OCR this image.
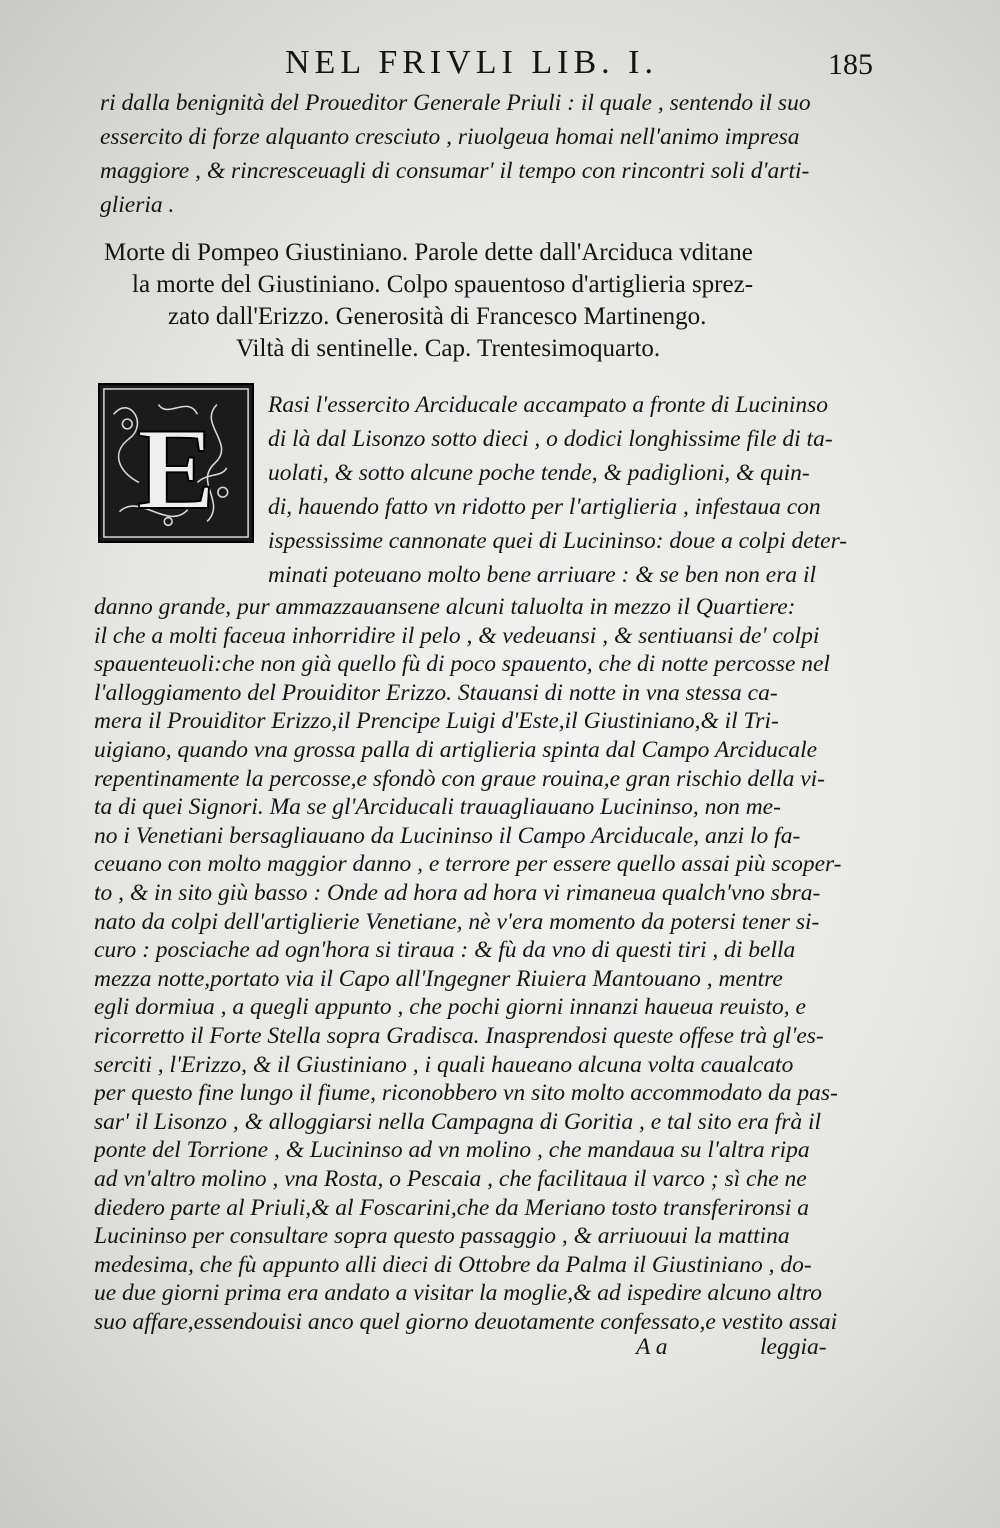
NEL FRIVLI LIB. I.	185
ri dalla benignità del Proueditor Generale Priuli : il quale , sentendo il suo
essercito di forze alquanto cresciuto , riuolgeua homai nell'animo impresa
maggiore , & rincresceuagli di consumar' il tempo con rincontri soli d'arti-
glieria .
Morte di Pompeo Giustiniano. Parole dette dall'Arciduca vditane
la morte del Giustiniano. Colpo spauentoso d'artiglieria sprez-
zato dall'Erizzo. Generosità di Francesco Martinengo.
Viltà di sentinelle. Cap. Trentesimoquarto.
E Rasi l'essercito Arciducale accampato a fronte di Lucininso
di là dal Lisonzo sotto dieci , o dodici longhissime file di ta-
uolati, & sotto alcune poche tende, & padiglioni, & quin-
di, hauendo fatto vn ridotto per l'artiglieria , infestaua con
ispessissime cannonate quei di Lucininso: doue a colpi deter-
minati poteuano molto bene arriuare : & se ben non era il
danno grande, pur ammazzauansene alcuni taluolta in mezzo il Quartiere:
il che a molti faceua inhorridire il pelo , & vedeuansi , & sentiuansi de' colpi
spauenteuoli:che non già quello fù di poco spauento, che di notte percosse nel
l'alloggiamento del Prouiditor Erizzo. Stauansi di notte in vna stessa ca-
mera il Prouiditor Erizzo,il Prencipe Luigi d'Este,il Giustiniano,& il Tri-
uigiano, quando vna grossa palla di artiglieria spinta dal Campo Arciducale
repentinamente la percosse,e sfondò con graue rouina,e gran rischio della vi-
ta di quei Signori. Ma se gl'Arciducali trauagliauano Lucininso, non me-
no i Venetiani bersagliauano da Lucininso il Campo Arciducale, anzi lo fa-
ceuano con molto maggior danno , e terrore per essere quello assai più scoper-
to , & in sito giù basso : Onde ad hora ad hora vi rimaneua qualch'vno sbra-
nato da colpi dell'artiglierie Venetiane, nè v'era momento da potersi tener si-
curo : posciache ad ogn'hora si tiraua : & fù da vno di questi tiri , di bella
mezza notte,portato via il Capo all'Ingegner Riuiera Mantouano , mentre
egli dormiua , a quegli appunto , che pochi giorni innanzi haueua reuisto, e
ricorretto il Forte Stella sopra Gradisca. Inasprendosi queste offese trà gl'es-
serciti , l'Erizzo, & il Giustiniano , i quali haueano alcuna volta caualcato
per questo fine lungo il fiume, riconobbero vn sito molto accommodato da pas-
sar' il Lisonzo , & alloggiarsi nella Campagna di Goritia , e tal sito era frà il
ponte del Torrione , & Lucininso ad vn molino , che mandaua su l'altra ripa
ad vn'altro molino , vna Rosta, o Pescaia , che facilitaua il varco ; sì che ne
diedero parte al Priuli,& al Foscarini,che da Meriano tosto transferironsi a
Lucininso per consultare sopra questo passaggio , & arriuouui la mattina
medesima, che fù appunto alli dieci di Ottobre da Palma il Giustiniano , do-
ue due giorni prima era andato a visitar la moglie,& ad ispedire alcuno altro
suo affare,essendouisi anco quel giorno deuotamente confessato,e vestito assai
A a	leggia-
